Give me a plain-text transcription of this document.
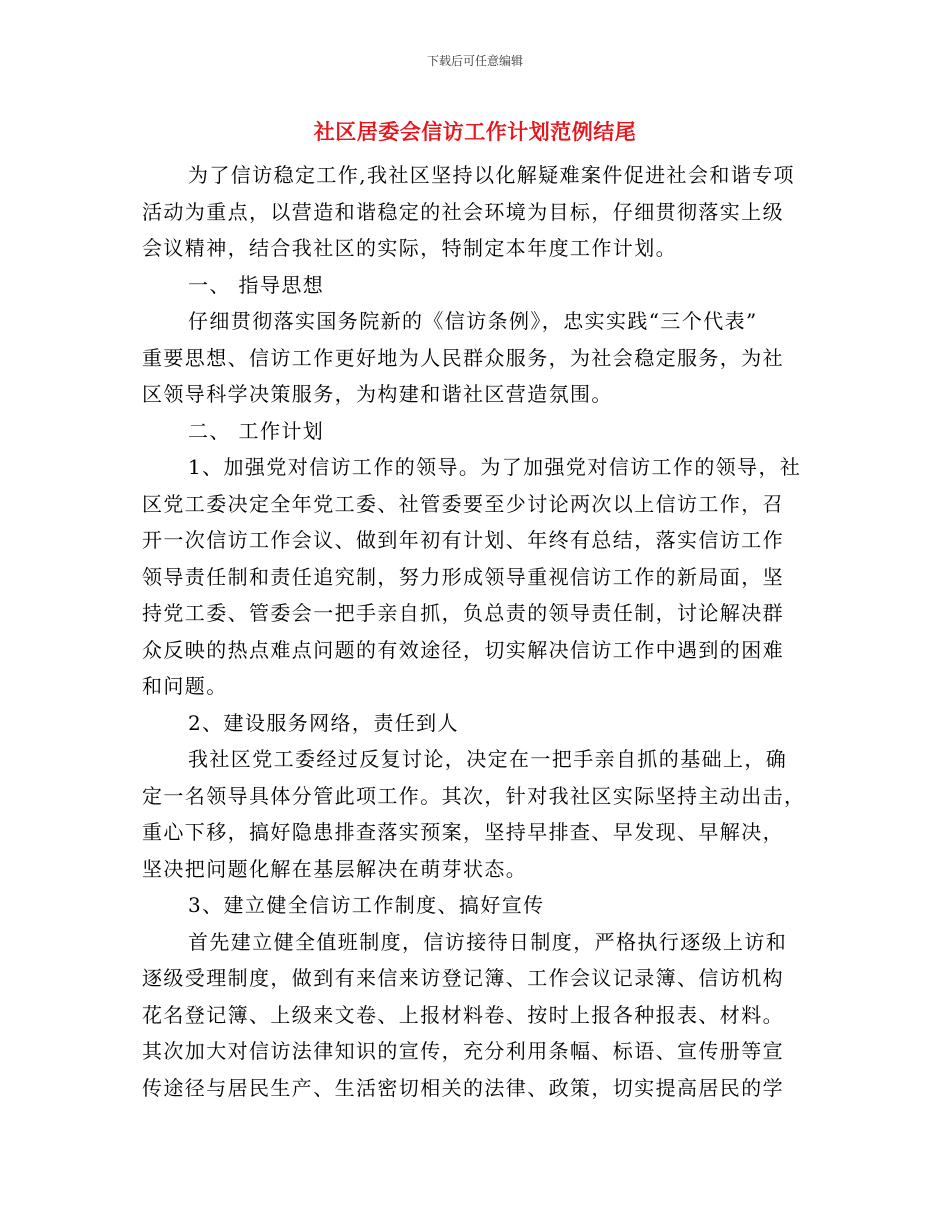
下载后可任意编辑
社区居委会信访工作计划范例结尾
为了信访稳定工作,我社区坚持以化解疑难案件促进社会和谐专项
活动为重点，以营造和谐稳定的社会环境为目标，仔细贯彻落实上级
会议精神，结合我社区的实际，特制定本年度工作计划。
一、 指导思想
仔细贯彻落实国务院新的《信访条例》，忠实实践“三个代表”
重要思想、信访工作更好地为人民群众服务，为社会稳定服务，为社
区领导科学决策服务，为构建和谐社区营造氛围。
二、 工作计划
1、加强党对信访工作的领导。为了加强党对信访工作的领导，社
区党工委决定全年党工委、社管委要至少讨论两次以上信访工作，召
开一次信访工作会议、做到年初有计划、年终有总结，落实信访工作
领导责任制和责任追究制，努力形成领导重视信访工作的新局面，坚
持党工委、管委会一把手亲自抓，负总责的领导责任制，讨论解决群
众反映的热点难点问题的有效途径，切实解决信访工作中遇到的困难
和问题。
2、建设服务网络，责任到人
我社区党工委经过反复讨论，决定在一把手亲自抓的基础上，确
定一名领导具体分管此项工作。其次，针对我社区实际坚持主动出击，
重心下移，搞好隐患排查落实预案，坚持早排查、早发现、早解决，
坚决把问题化解在基层解决在萌芽状态。
3、建立健全信访工作制度、搞好宣传
首先建立健全值班制度，信访接待日制度，严格执行逐级上访和
逐级受理制度，做到有来信来访登记簿、工作会议记录簿、信访机构
花名登记簿、上级来文卷、上报材料卷、按时上报各种报表、材料。
其次加大对信访法律知识的宣传，充分利用条幅、标语、宣传册等宣
传途径与居民生产、生活密切相关的法律、政策，切实提高居民的学
